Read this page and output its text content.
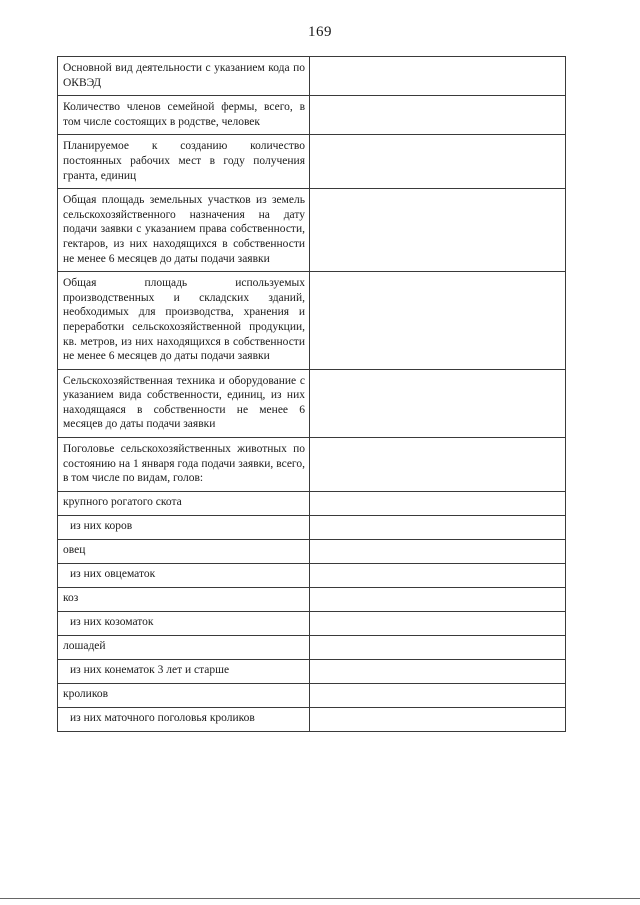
169
Основной вид деятельности с указанием кода по ОКВЭД	
Количество членов семейной фермы, всего, в том числе состоящих в родстве, человек	
Планируемое к созданию количество постоянных рабочих мест в году получения гранта, единиц	
Общая площадь земельных участков из земель сельскохозяйственного назначения на дату подачи заявки с указанием права собственности, гектаров, из них находящихся в собственности не менее 6 месяцев до даты подачи заявки	
Общая площадь используемых производственных и складских зданий, необходимых для производства, хранения и переработки сельскохозяйственной продукции, кв. метров, из них находящихся в собственности не менее 6 месяцев до даты подачи заявки	
Сельскохозяйственная техника и оборудование с указанием вида собственности, единиц, из них находящаяся в собственности не менее 6 месяцев до даты подачи заявки	
Поголовье сельскохозяйственных животных по состоянию на 1 января года подачи заявки, всего, в том числе по видам, голов:	
крупного рогатого скота	
из них коров	
овец	
из них овцематок	
коз	
из них козоматок	
лошадей	
из них конематок 3 лет и старше	
кроликов	
из них маточного поголовья кроликов	
